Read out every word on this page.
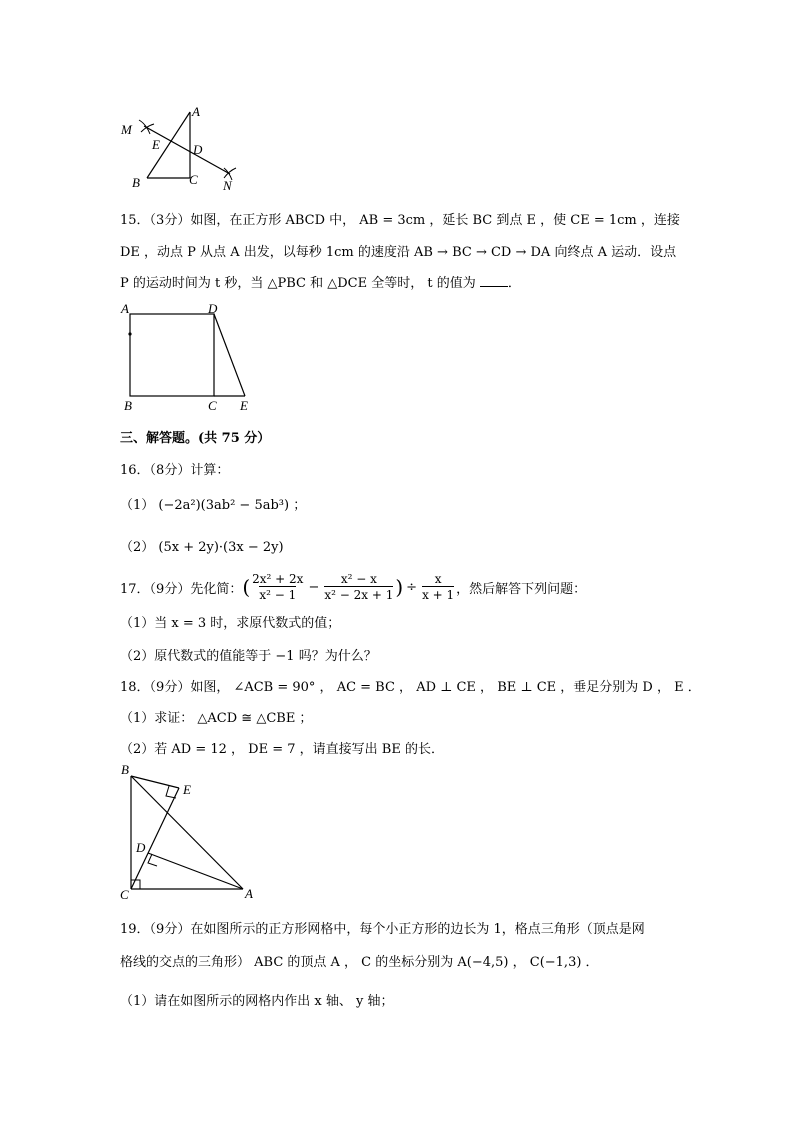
M
A
E	D
B	C N
15．（3分）如图，在正方形 ABCD 中， AB = 3cm ，延长 BC 到点 E ，使 CE = 1cm ，连接
DE ，动点 P 从点 A 出发，以每秒 1cm 的速度沿 AB → BC → CD → DA 向终点 A 运动．设点
P 的运动时间为 t 秒，当 △PBC 和 △DCE 全等时， t 的值为 ．
A	D
B	C E
三、解答题。(共 75 分）
16．（8分）计算：
（1） (−2a²)(3ab² − 5ab³) ；
（2） (5x + 2y)·(3x − 2y)
17．（9分）先化简： ( $\frac{\text{2x² + 2x}}{\text{x² − 1}} - \frac{\text{x² − x}}{\text{x² − 2x + 1}}$ ) ÷ $\frac{x}{x + 1}$ ，然后解答下列问题：
（1）当 x = 3 时，求原代数式的值；
（2）原代数式的值能等于 −1 吗？为什么？
18．（9分）如图， ∠ACB = 90° ， AC = BC ， AD ⊥ CE ， BE ⊥ CE ，垂足分别为 D ， E ．
（1）求证： △ACD ≅ △CBE ；
（2）若 AD = 12 ， DE = 7 ，请直接写出 BE 的长．
B
E
D
C	A
19．（9分）在如图所示的正方形网格中，每个小正方形的边长为 1，格点三角形（顶点是网
格线的交点的三角形） ABC 的顶点 A ， C 的坐标分别为 A(−4,5) ， C(−1,3) ．
（1）请在如图所示的网格内作出 x 轴、 y 轴；
